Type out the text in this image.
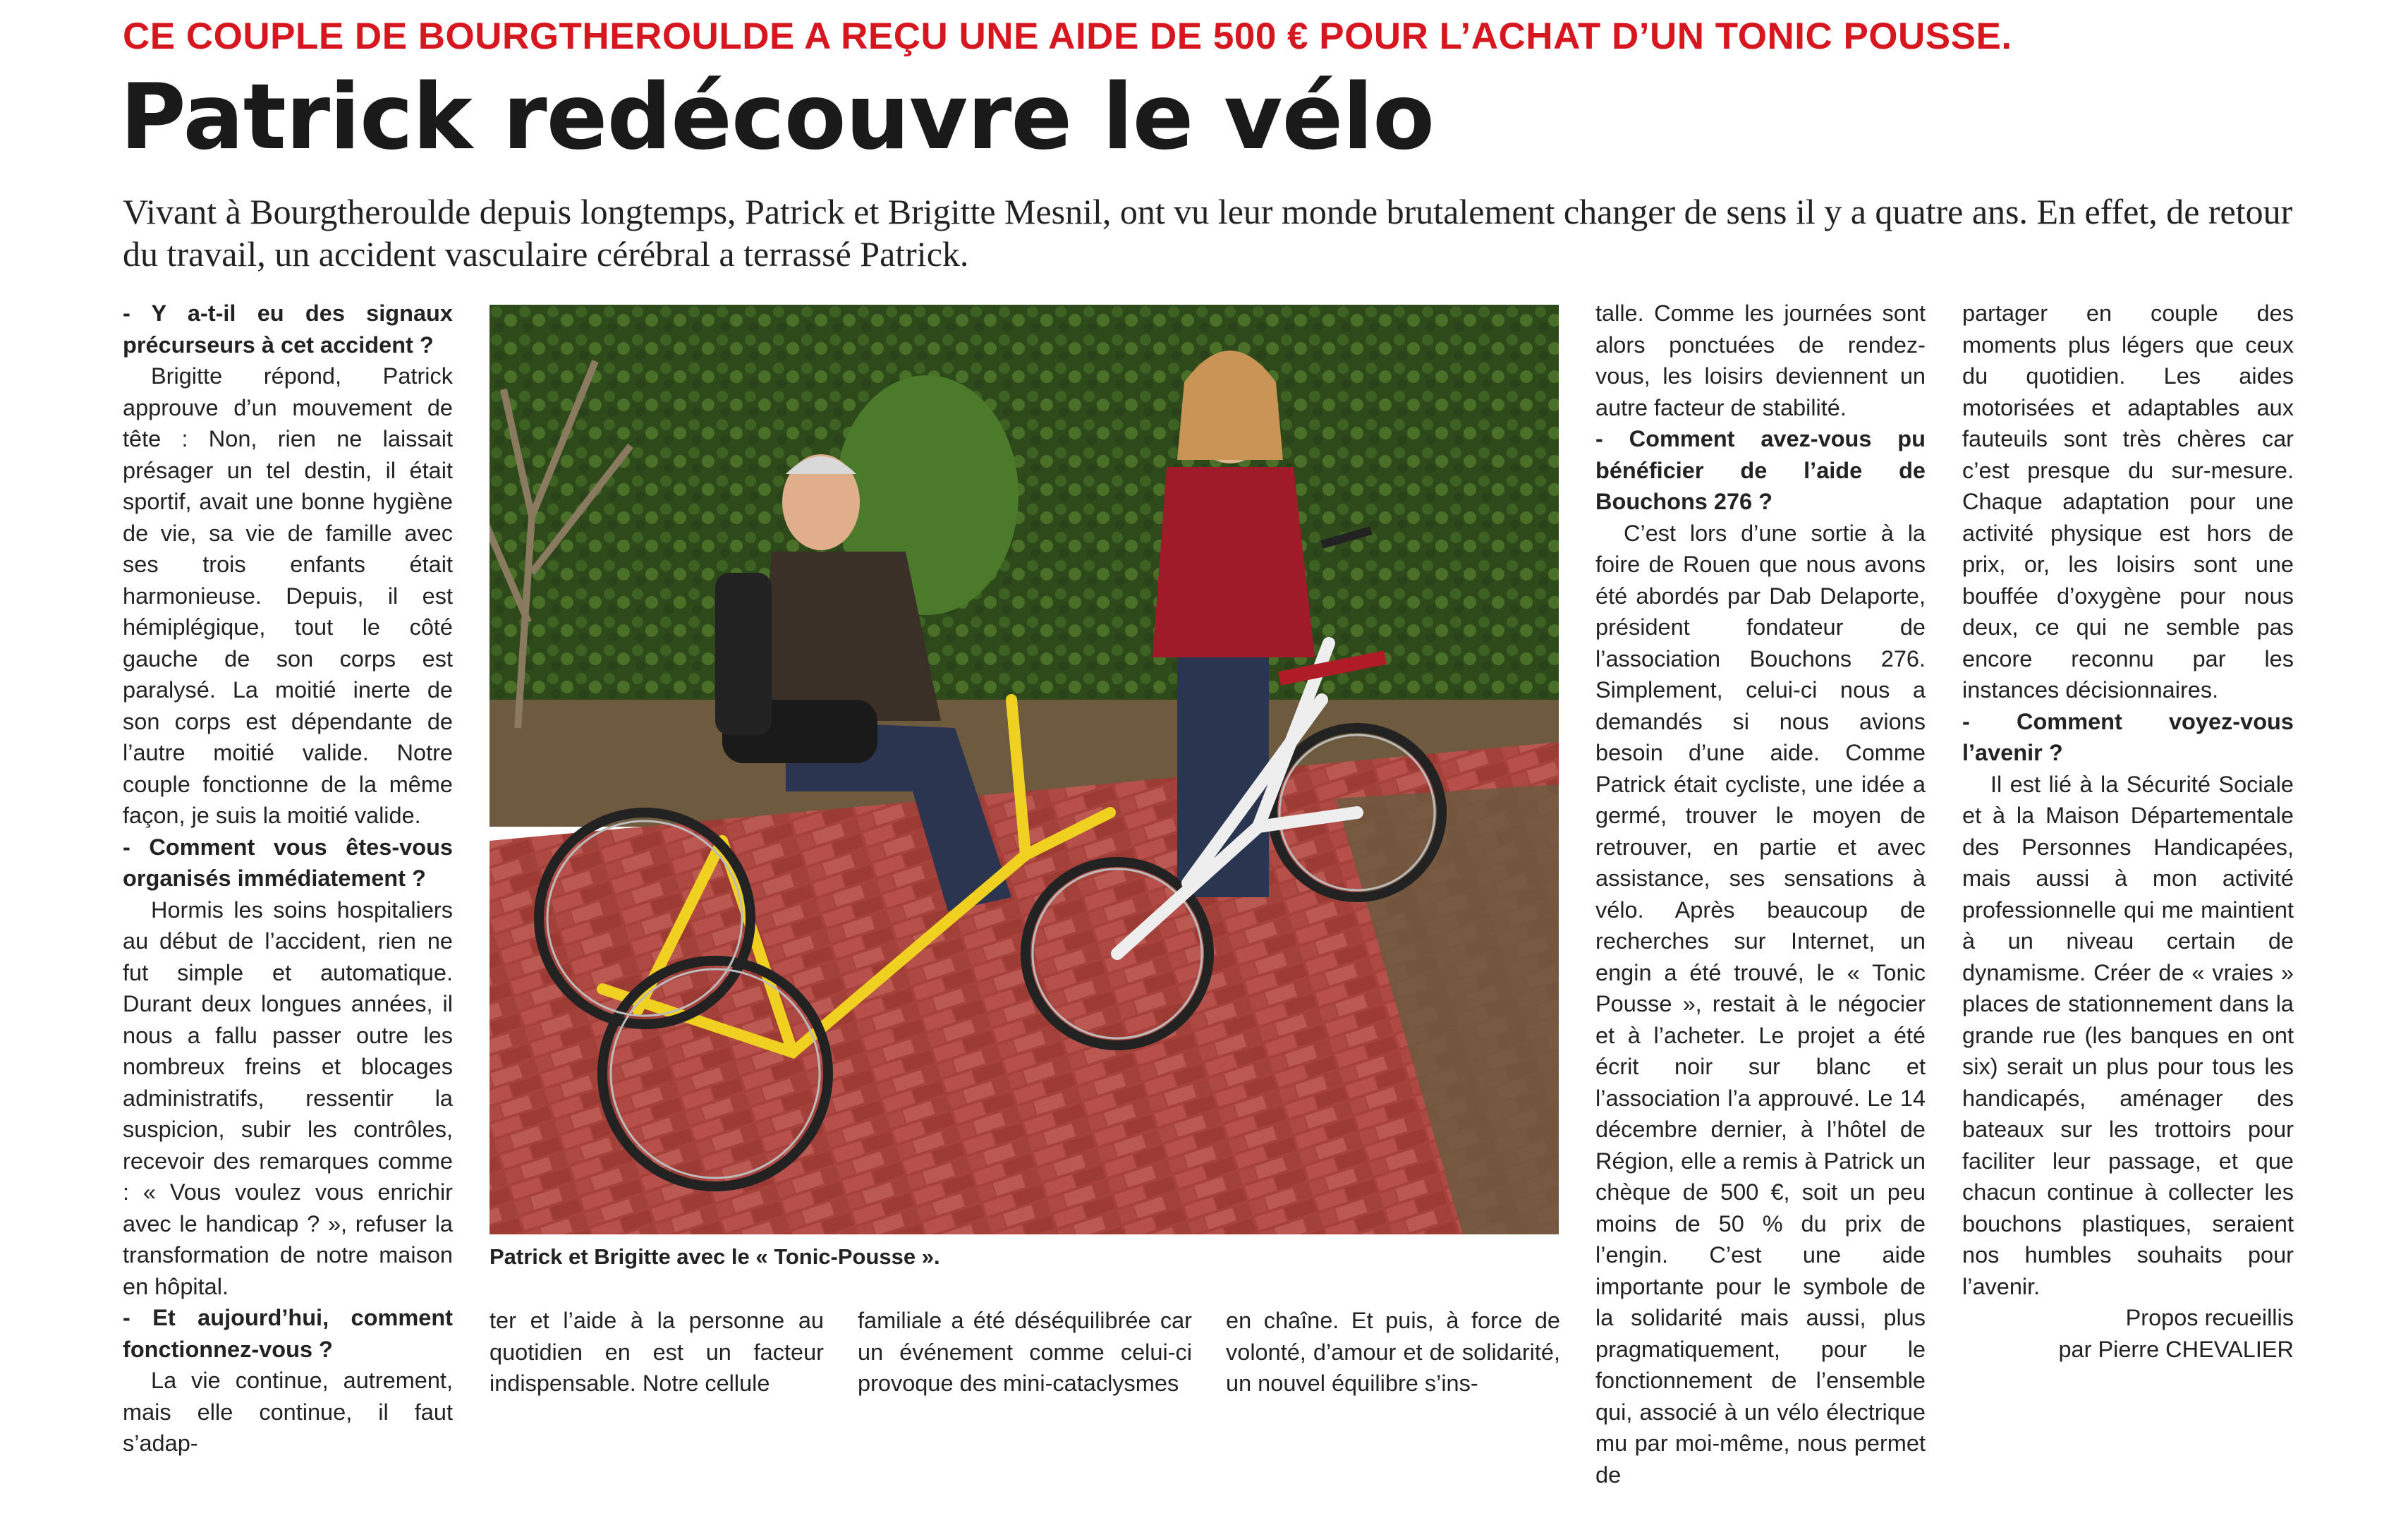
CE COUPLE DE BOURGTHEROULDE A REÇU UNE AIDE DE 500 € POUR L’ACHAT D’UN TONIC POUSSE.
Patrick redécouvre le vélo
Vivant à Bourgtheroulde depuis longtemps, Patrick et Brigitte Mesnil, ont vu leur monde brutalement changer de sens il y a quatre ans. En effet, de retour du travail, un accident vasculaire cérébral a terrassé Patrick.

- Y a-t-il eu des signaux précurseurs à cet accident ?

Brigitte répond, Patrick approuve d’un mouvement de tête : Non, rien ne laissait présager un tel destin, il était sportif, avait une bonne hygiène de vie, sa vie de famille avec ses trois enfants était harmonieuse. Depuis, il est hémiplégique, tout le côté gauche de son corps est paralysé. La moitié inerte de son corps est dépendante de l’autre moitié valide. Notre couple fonctionne de la même façon, je suis la moitié valide.

- Comment vous êtes-vous organisés immédiatement ?

Hormis les soins hospitaliers au début de l’accident, rien ne fut simple et automatique. Durant deux longues années, il nous a fallu passer outre les nombreux freins et blocages administratifs, ressentir la suspicion, subir les contrôles, recevoir des remarques comme : « Vous voulez vous enrichir avec le handicap ? », refuser la transformation de notre maison en hôpital.

- Et aujourd’hui, comment fonctionnez-vous ?

La vie continue, autrement, mais elle continue, il faut s’adap-

Patrick et Brigitte avec le « Tonic-Pousse ».

ter et l’aide à la personne au quotidien en est un facteur indispensable. Notre cellule

familiale a été déséquilibrée car un événement comme celui-ci provoque des mini-cataclysmes

en chaîne. Et puis, à force de volonté, d’amour et de solidarité, un nouvel équilibre s’ins-

talle. Comme les journées sont alors ponctuées de rendez-vous, les loisirs deviennent un autre facteur de stabilité.

- Comment avez-vous pu bénéficier de l’aide de Bouchons 276 ?

C’est lors d’une sortie à la foire de Rouen que nous avons été abordés par Dab Delaporte, président fondateur de l’association Bouchons 276. Simplement, celui-ci nous a demandés si nous avions besoin d’une aide. Comme Patrick était cycliste, une idée a germé, trouver le moyen de retrouver, en partie et avec assistance, ses sensations à vélo. Après beaucoup de recherches sur Internet, un engin a été trouvé, le « Tonic Pousse », restait à le négocier et à l’acheter. Le projet a été écrit noir sur blanc et l’association l’a approuvé. Le 14 décembre dernier, à l’hôtel de Région, elle a remis à Patrick un chèque de 500 €, soit un peu moins de 50 % du prix de l’engin. C’est une aide importante pour le symbole de la solidarité mais aussi, plus pragmatiquement, pour le fonctionnement de l’ensemble qui, associé à un vélo électrique mu par moi-même, nous permet de

partager en couple des moments plus légers que ceux du quotidien. Les aides motorisées et adaptables aux fauteuils sont très chères car c’est presque du sur-mesure. Chaque adaptation pour une activité physique est hors de prix, or, les loisirs sont une bouffée d’oxygène pour nous deux, ce qui ne semble pas encore reconnu par les instances décisionnaires.

- Comment voyez-vous l’avenir ?

Il est lié à la Sécurité Sociale et à la Maison Départementale des Personnes Handicapées, mais aussi à mon activité professionnelle qui me maintient à un niveau certain de dynamisme. Créer de « vraies » places de stationnement dans la grande rue (les banques en ont six) serait un plus pour tous les handicapés, aménager des bateaux sur les trottoirs pour faciliter leur passage, et que chacun continue à collecter les bouchons plastiques, seraient nos humbles souhaits pour l’avenir.

Propos recueillis

par Pierre CHEVALIER
